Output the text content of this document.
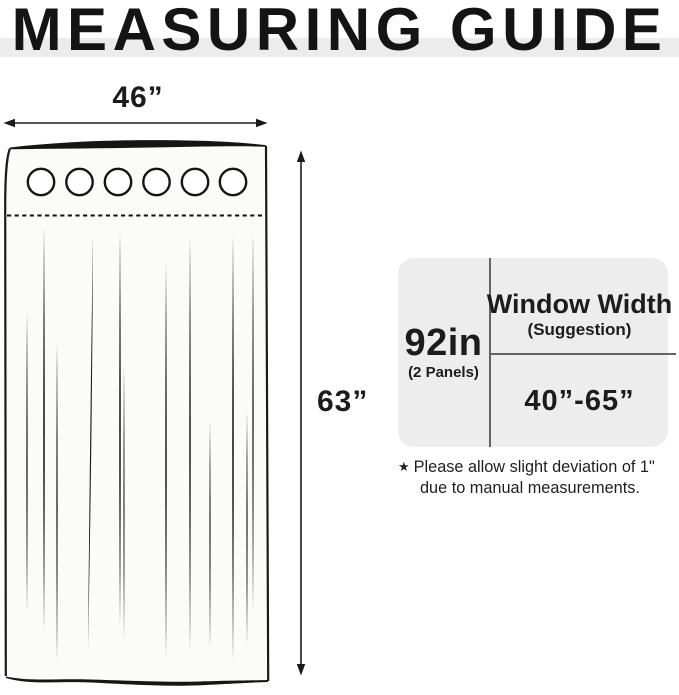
MEASURING GUIDE
46”
63”
92in
(2 Panels)
Window Width
(Suggestion)
40”-65”
★ Please allow slight deviation of 1"
due to manual measurements.
